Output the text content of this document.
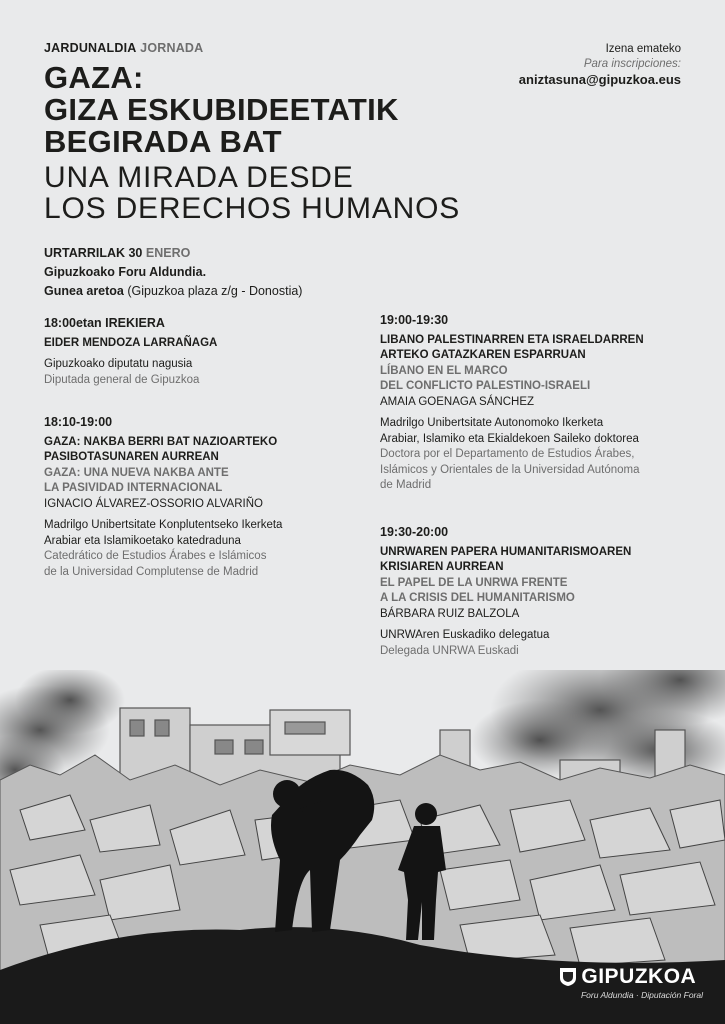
JARDUNALDIA JORNADA
GAZA:
GIZA ESKUBIDEETATIK
BEGIRADA BAT
UNA MIRADA DESDE
LOS DERECHOS HUMANOS
Izena emateko
Para inscripciones:
aniztasuna@gipuzkoa.eus
URTARRILAK 30 ENERO
Gipuzkoako Foru Aldundia.
Gunea aretoa (Gipuzkoa plaza z/g - Donostia)
18:00etan IREKIERA
EIDER MENDOZA LARRAÑAGA
Gipuzkoako diputatu nagusia
Diputada general de Gipuzkoa
18:10-19:00
GAZA: NAKBA BERRI BAT NAZIOARTEKO
PASIBOTASUNAREN AURREAN
GAZA: UNA NUEVA NAKBA ANTE
LA PASIVIDAD INTERNACIONAL
IGNACIO ÁLVAREZ-OSSORIO ALVARIÑO
Madrilgo Unibertsitate Konplutentseko Ikerketa
Arabiar eta Islamikoetako katedraduna
Catedrático de Estudios Árabes e Islámicos
de la Universidad Complutense de Madrid
19:00-19:30
LIBANO PALESTINARREN ETA ISRAELDARREN
ARTEKO GATAZKAREN ESPARRUAN
LÍBANO EN EL MARCO
DEL CONFLICTO PALESTINO-ISRAELI
AMAIA GOENAGA SÁNCHEZ
Madrilgo Unibertsitate Autonomoko Ikerketa
Arabiar, Islamiko eta Ekialdekoen Saileko doktorea
Doctora por el Departamento de Estudios Árabes,
Islámicos y Orientales de la Universidad Autónoma
de Madrid
19:30-20:00
UNRWAREN PAPERA HUMANITARISMOAREN
KRISIAREN AURREAN
EL PAPEL DE LA UNRWA FRENTE
A LA CRISIS DEL HUMANITARISMO
BÁRBARA RUIZ BALZOLA
UNRWAren Euskadiko delegatua
Delegada UNRWA Euskadi
GIPUZKOA
Foru Aldundia · Diputación Foral
